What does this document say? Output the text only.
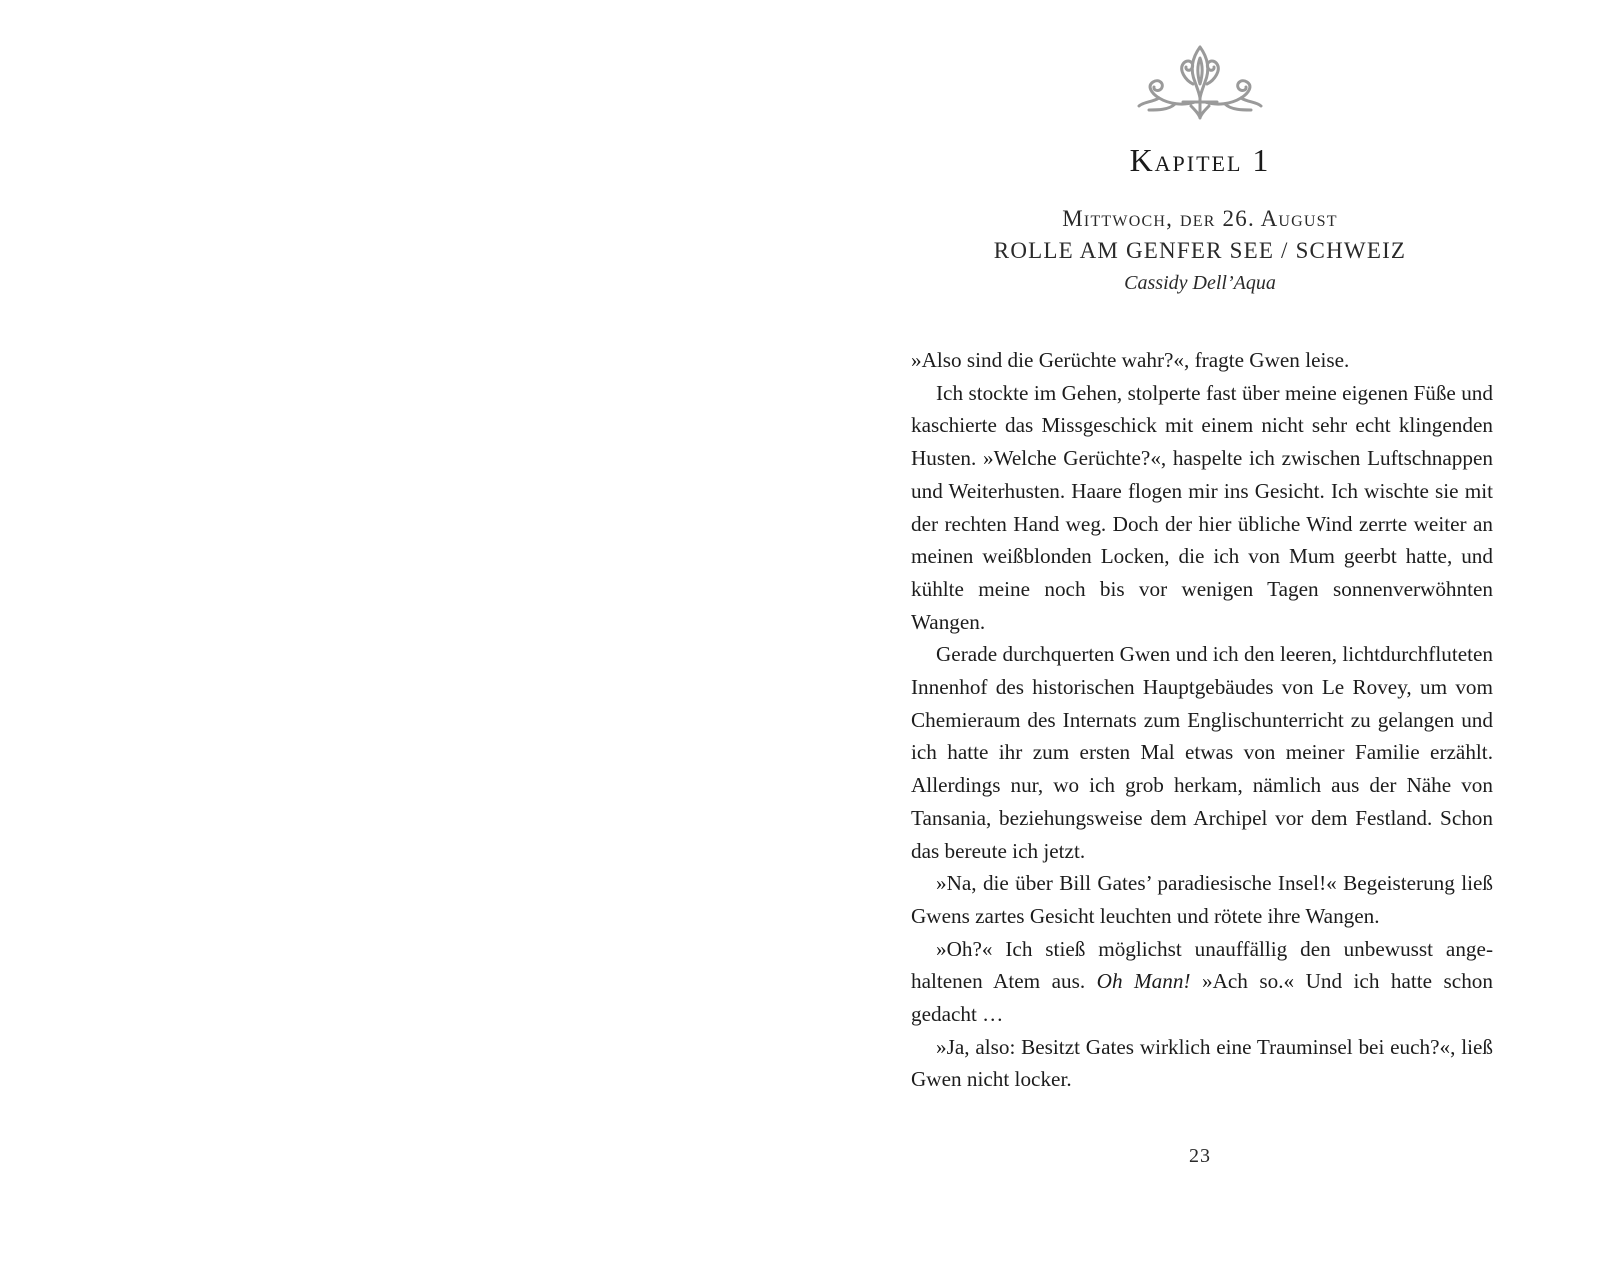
Kapitel 1
Mittwoch, der 26. August
ROLLE AM GENFER SEE / SCHWEIZ
Cassidy Dell’Aqua

»Also sind die Gerüchte wahr?«, fragte Gwen leise.

Ich stockte im Gehen, stolperte fast über meine eigenen Füße und kaschierte das Missgeschick mit einem nicht sehr echt klingenden Husten. »Welche Gerüchte?«, haspelte ich zwischen Luftschnappen und Weiterhusten. Haare flogen mir ins Gesicht. Ich wischte sie mit der rechten Hand weg. Doch der hier übliche Wind zerrte weiter an meinen weißblonden Locken, die ich von Mum geerbt hatte, und kühlte meine noch bis vor wenigen Tagen sonnenverwöhnten Wangen.

Gerade durchquerten Gwen und ich den leeren, lichtdurchfluteten Innenhof des historischen Hauptgebäudes von Le Rovey, um vom Chemieraum des Internats zum Englischunterricht zu gelangen und ich hatte ihr zum ersten Mal etwas von meiner Familie erzählt. Allerdings nur, wo ich grob herkam, nämlich aus der Nähe von Tansania, beziehungsweise dem Archipel vor dem Festland. Schon das bereute ich jetzt.

»Na, die über Bill Gates’ paradiesische Insel!« Begeisterung ließ Gwens zartes Gesicht leuchten und rötete ihre Wangen.

»Oh?« Ich stieß möglichst unauffällig den unbewusst angehaltenen Atem aus. Oh Mann! »Ach so.« Und ich hatte schon gedacht …

»Ja, also: Besitzt Gates wirklich eine Trauminsel bei euch?«, ließ Gwen nicht locker.

23
